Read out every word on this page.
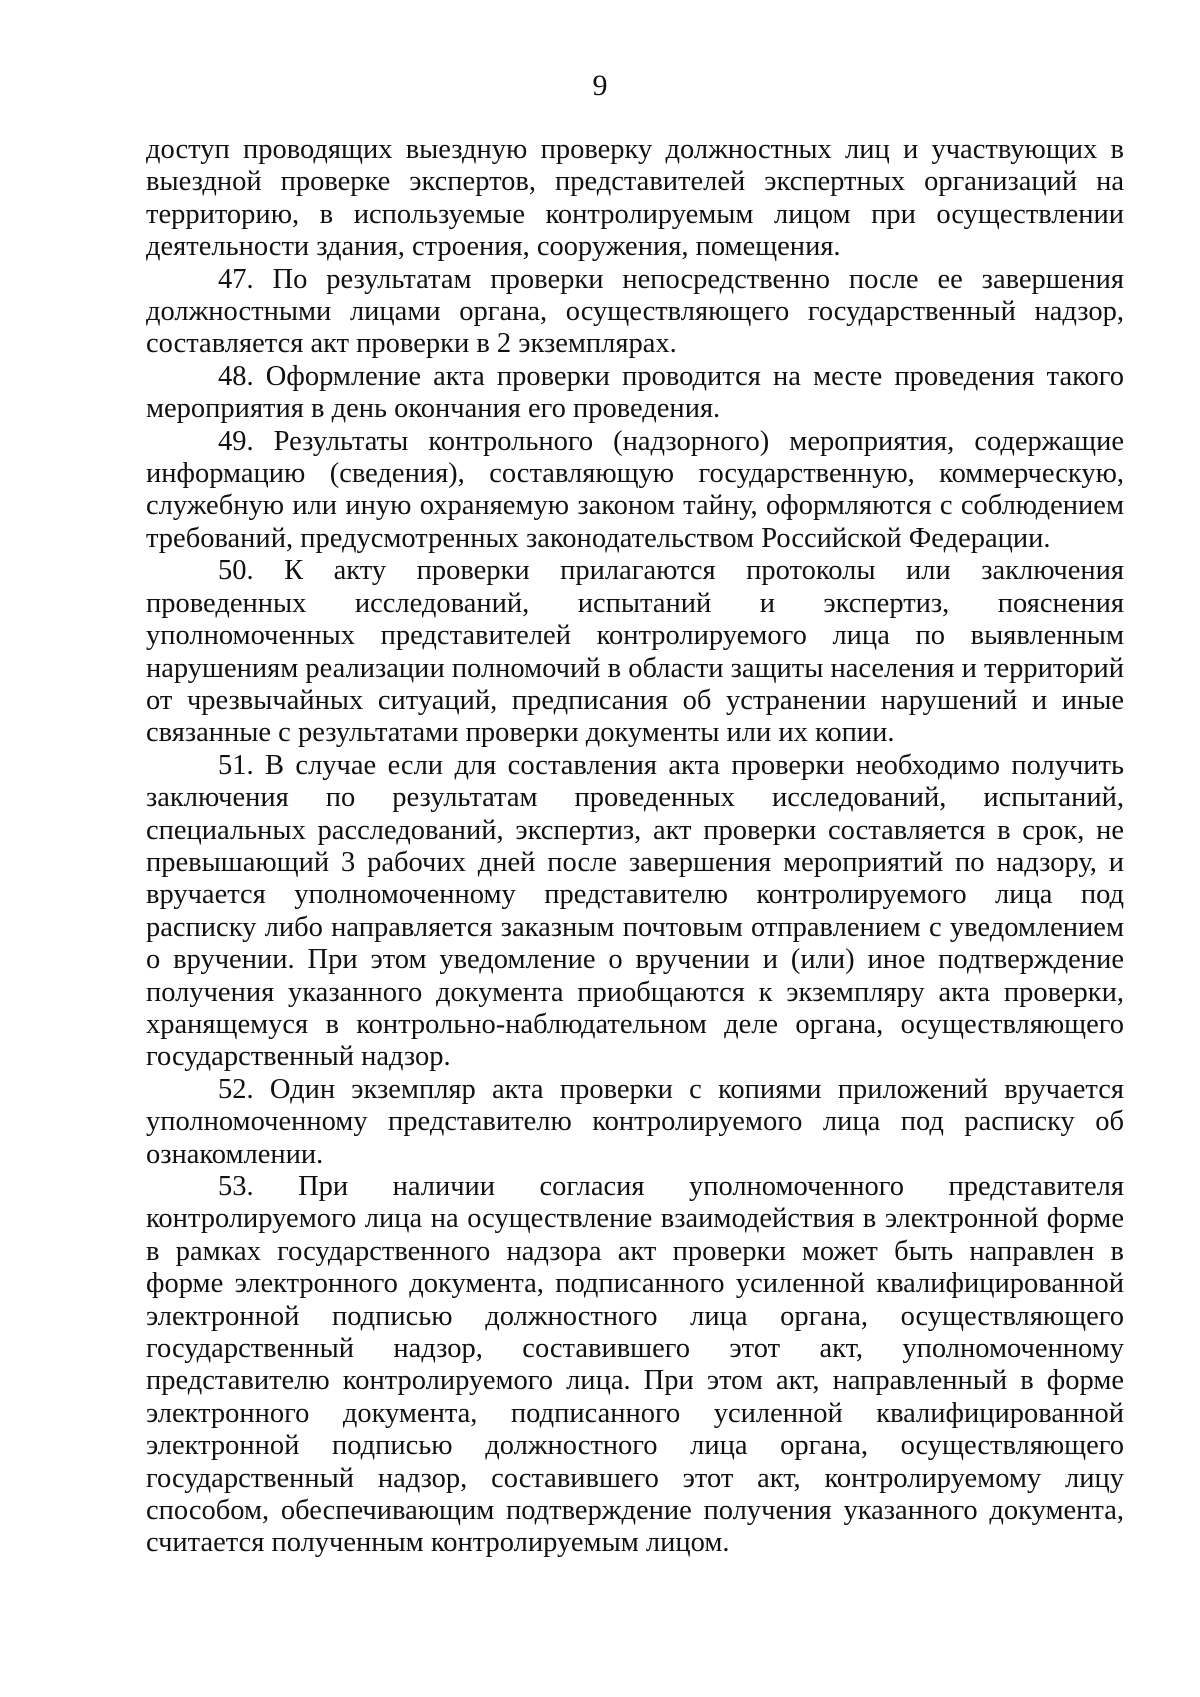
9

доступ проводящих выездную проверку должностных лиц и участвующих в выездной проверке экспертов, представителей экспертных организаций на территорию, в используемые контролируемым лицом при осуществлении деятельности здания, строения, сооружения, помещения.

47. По результатам проверки непосредственно после ее завершения должностными лицами органа, осуществляющего государственный надзор, составляется акт проверки в 2 экземплярах.

48. Оформление акта проверки проводится на месте проведения такого мероприятия в день окончания его проведения.

49. Результаты контрольного (надзорного) мероприятия, содержащие информацию (сведения), составляющую государственную, коммерческую, служебную или иную охраняемую законом тайну, оформляются с соблюдением требований, предусмотренных законодательством Российской Федерации.

50. К акту проверки прилагаются протоколы или заключения проведенных исследований, испытаний и экспертиз, пояснения уполномоченных представителей контролируемого лица по выявленным нарушениям реализации полномочий в области защиты населения и территорий от чрезвычайных ситуаций, предписания об устранении нарушений и иные связанные с результатами проверки документы или их копии.

51. В случае если для составления акта проверки необходимо получить заключения по результатам проведенных исследований, испытаний, специальных расследований, экспертиз, акт проверки составляется в срок, не превышающий 3 рабочих дней после завершения мероприятий по надзору, и вручается уполномоченному представителю контролируемого лица под расписку либо направляется заказным почтовым отправлением с уведомлением о вручении. При этом уведомление о вручении и (или) иное подтверждение получения указанного документа приобщаются к экземпляру акта проверки, хранящемуся в контрольно-наблюдательном деле органа, осуществляющего государственный надзор.

52. Один экземпляр акта проверки с копиями приложений вручается уполномоченному представителю контролируемого лица под расписку об ознакомлении.

53. При наличии согласия уполномоченного представителя контролируемого лица на осуществление взаимодействия в электронной форме в рамках государственного надзора акт проверки может быть направлен в форме электронного документа, подписанного усиленной квалифицированной электронной подписью должностного лица органа, осуществляющего государственный надзор, составившего этот акт, уполномоченному представителю контролируемого лица. При этом акт, направленный в форме электронного документа, подписанного усиленной квалифицированной электронной подписью должностного лица органа, осуществляющего государственный надзор, составившего этот акт, контролируемому лицу способом, обеспечивающим подтверждение получения указанного документа, считается полученным контролируемым лицом.
